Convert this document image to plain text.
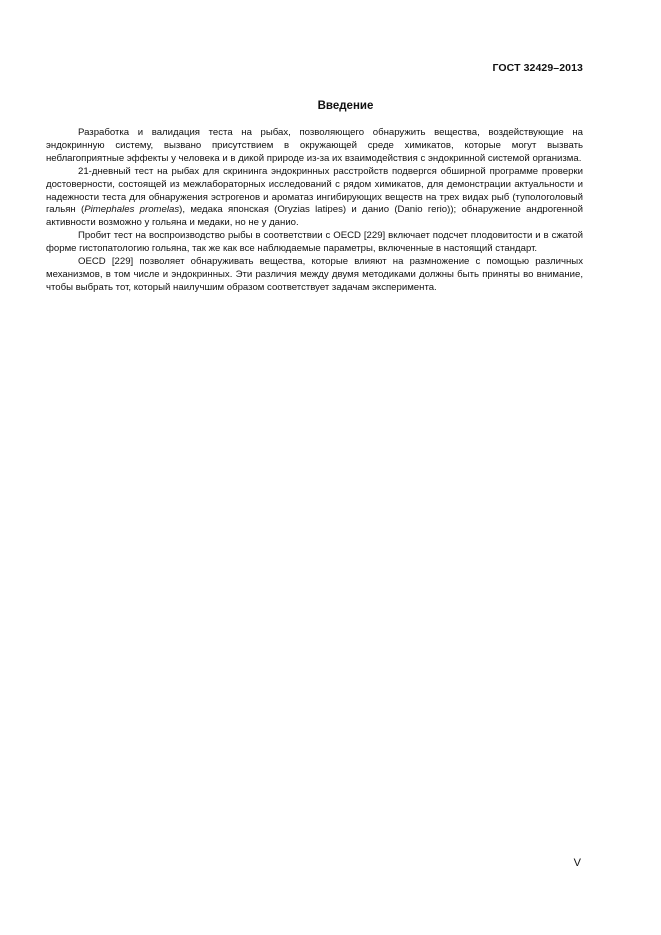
ГОСТ 32429–2013
Введение

Разработка и валидация теста на рыбах, позволяющего обнаружить вещества, воздействующие на эндокринную систему, вызвано присутствием в окружающей среде химикатов, которые могут вызвать неблагоприятные эффекты у человека и в дикой природе из-за их взаимодействия с эндокринной системой организма.

21-дневный тест на рыбах для скрининга эндокринных расстройств подвергся обширной программе проверки достоверности, состоящей из межлабораторных исследований с рядом химикатов, для демонстрации актуальности и надежности теста для обнаружения эстрогенов и ароматаз ингибирующих веществ на трех видах рыб (тупологоловый гальян (Pimephales promelas), медака японская (Oryzias latipes) и данио (Danio rerio)); обнаружение андрогенной активности возможно у гольяна и медаки, но не у данио.

Пробит тест на воспроизводство рыбы в соответствии с OECD [229] включает подсчет плодовитости и в сжатой форме гистопатологию гольяна, так же как все наблюдаемые параметры, включенные в настоящий стандарт.

OECD [229] позволяет обнаруживать вещества, которые влияют на размножение с помощью различных механизмов, в том числе и эндокринных. Эти различия между двумя методиками должны быть приняты во внимание, чтобы выбрать тот, который наилучшим образом соответствует задачам эксперимента.

V
